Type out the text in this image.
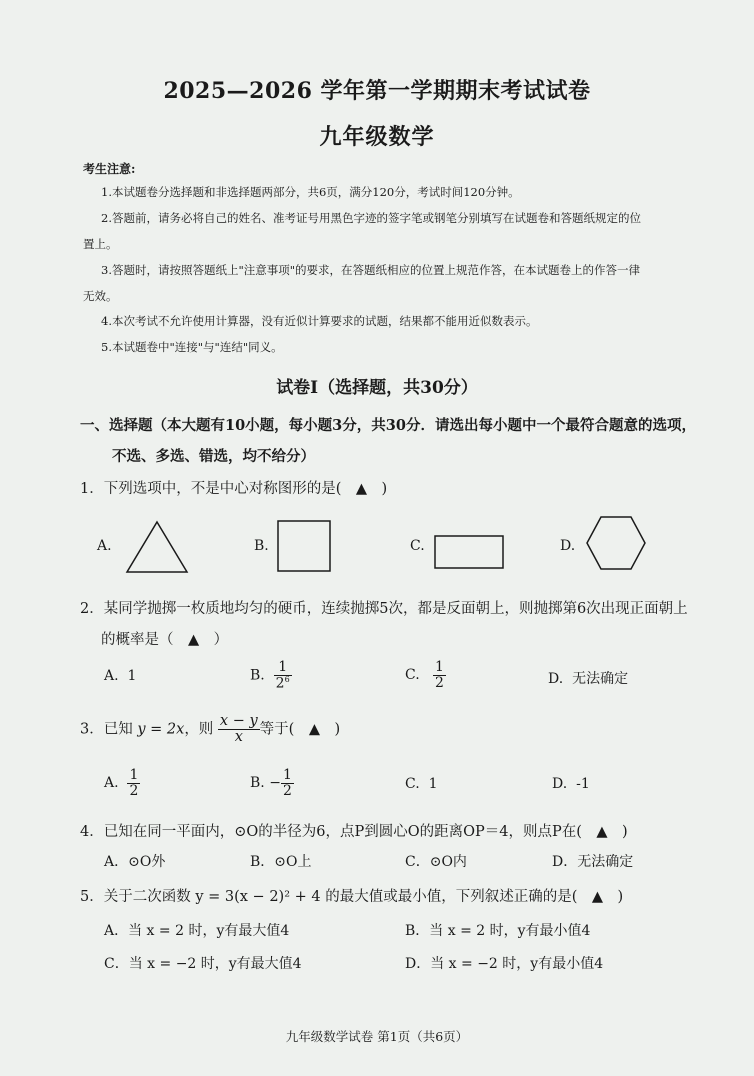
2025—2026 学年第一学期期末考试试卷
九年级数学
考生注意:
1.本试题卷分选择题和非选择题两部分，共6页，满分120分，考试时间120分钟。
2.答题前，请务必将自己的姓名、准考证号用黑色字迹的签字笔或钢笔分别填写在试题卷和答题纸规定的位
置上。
3.答题时，请按照答题纸上"注意事项"的要求，在答题纸相应的位置上规范作答，在本试题卷上的作答一律
无效。
4.本次考试不允许使用计算器，没有近似计算要求的试题，结果都不能用近似数表示。
5.本试题卷中"连接"与"连结"同义。
试卷Ⅰ（选择题，共30分）
一、选择题（本大题有10小题，每小题3分，共30分．请选出每小题中一个最符合题意的选项，
不选、多选、错选，均不给分）
1．下列选项中，不是中心对称图形的是(　▲　)
A.	B.	C.	D.
2．某同学抛掷一枚质地均匀的硬币，连续抛掷5次，都是反面朝上，则抛掷第6次出现正面朝上
的概率是（　▲　）
A. 1	B. $\frac{1}{2^6}$	C. $\frac{1}{2}$	D. 无法确定
3．已知 y = 2x，则 $\frac{x - y}{x}$ 等于(　▲　)
A. $\frac{1}{2}$	B. − $\frac{1}{2}$	C. 1	D. -1
4．已知在同一平面内，⊙O的半径为6，点P到圆心O的距离OP＝4，则点P在(　▲　)
A．⊙O外	B．⊙O上	C．⊙O内	D．无法确定
5．关于二次函数 y = 3(x − 2)² + 4 的最大值或最小值，下列叙述正确的是(　▲　)
A．当 x = 2 时，y有最大值4	B．当 x = 2 时，y有最小值4
C．当 x = −2 时，y有最大值4	D．当 x = −2 时，y有最小值4
九年级数学试卷 第1页（共6页）
